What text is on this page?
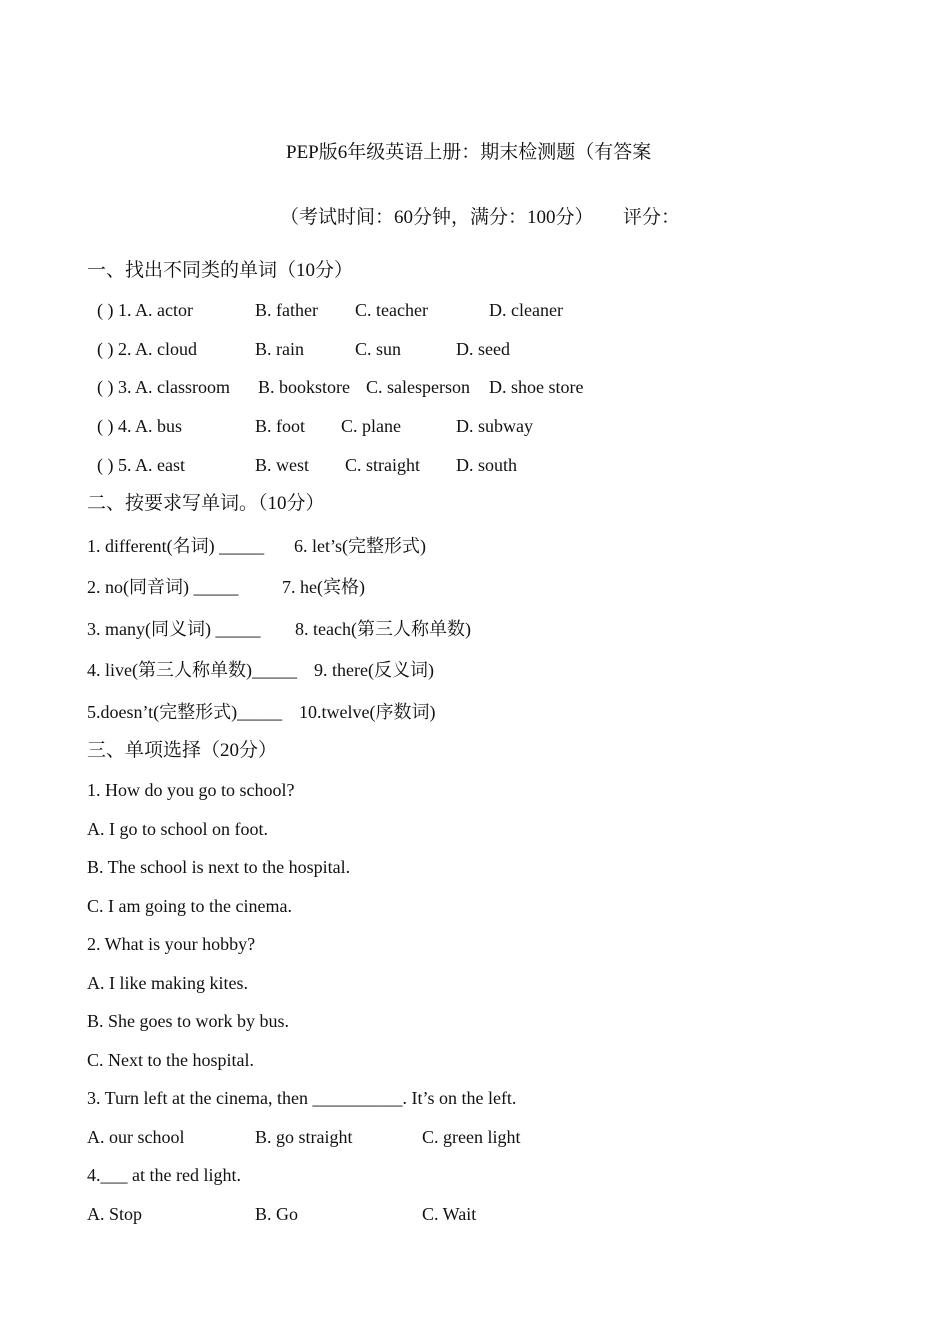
PEP版6年级英语上册：期末检测题（有答案
（考试时间：60分钟，满分：100分） 评分：
一、找出不同类的单词（10分）
( ) 1. A. actor	B. father C. teacher	D. cleaner
( ) 2. A. cloud	B. rain	C. sun	D. seed
( ) 3. A. classroom B. bookstore C. salesperson D. shoe store
( ) 4. A. bus	B. foot C. plane	D. subway
( ) 5. A. east	B. west C. straight D. south
二、按要求写单词。（10分）
1. different(名词) _____ 6. let’s(完整形式)
2. no(同音词) _____ 7. he(宾格)
3. many(同义词) _____ 8. teach(第三人称单数)
4. live(第三人称单数)_____ 9. there(反义词)
5.doesn’t(完整形式)_____ 10.twelve(序数词)
三、单项选择（20分）
1. How do you go to school?
A. I go to school on foot.
B. The school is next to the hospital.
C. I am going to the cinema.
2. What is your hobby?
A. I like making kites.
B. She goes to work by bus.
C. Next to the hospital.
3. Turn left at the cinema, then __________. It’s on the left.
A. our school	B. go straight	C. green light
4.___ at the red light.
A. Stop	B. Go	C. Wait
